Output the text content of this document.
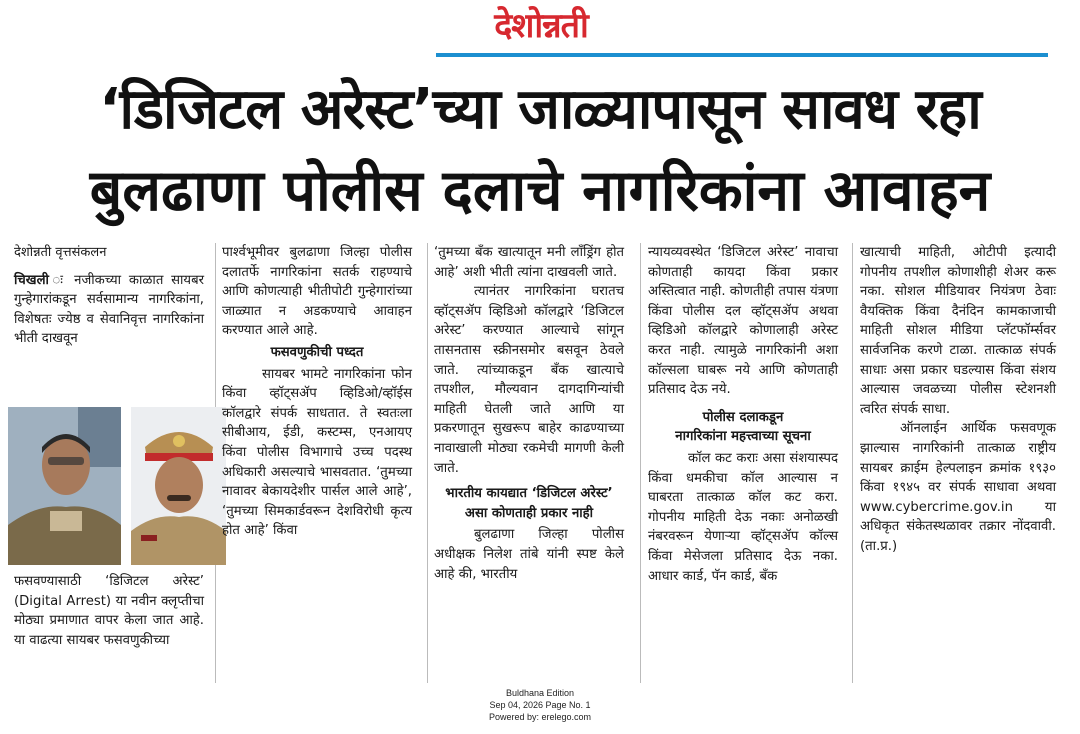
देशोन्नती
‘डिजिटल अरेस्ट’च्या जाळ्यापासून सावध रहा
बुलढाणा पोलीस दलाचे नागरिकांना आवाहन

देशोन्नती वृत्तसंकलन

चिखली ः नजीकच्या काळात सायबर गुन्हेगारांकडून सर्वसामान्य नागरिकांना, विशेषतः ज्येष्ठ व सेवानिवृत्त नागरिकांना भीती दाखवून

फसवण्यासाठी ‘डिजिटल अरेस्ट’ (Digital Arrest) या नवीन क्लृप्तीचा मोठ्या प्रमाणात वापर केला जात आहे. या वाढत्या सायबर फसवणुकीच्या

पार्श्वभूमीवर बुलढाणा जिल्हा पोलीस दलातर्फे नागरिकांना सतर्क राहण्याचे आणि कोणत्याही भीतीपोटी गुन्हेगारांच्या जाळ्यात न अडकण्याचे आवाहन करण्यात आले आहे.

फसवणुकीची पध्दत

सायबर भामटे नागरिकांना फोन किंवा व्हॉट्सॲप व्हिडिओ/व्हॉईस कॉलद्वारे संपर्क साधतात. ते स्वतःला सीबीआय, ईडी, कस्टम्स, एनआयए किंवा पोलीस विभागाचे उच्च पदस्थ अधिकारी असल्याचे भासवतात. ‘तुमच्या नावावर बेकायदेशीर पार्सल आले आहे’, ‘तुमच्या सिमकार्डवरून देशविरोधी कृत्य होत आहे’ किंवा

‘तुमच्या बँक खात्यातून मनी लाँड्रिंग होत आहे’ अशी भीती त्यांना दाखवली जाते.

त्यानंतर नागरिकांना घरातच व्हॉट्सॲप व्हिडिओ कॉलद्वारे ‘डिजिटल अरेस्ट’ करण्यात आल्याचे सांगून तासनतास स्क्रीनसमोर बसवून ठेवले जाते. त्यांच्याकडून बँक खात्याचे तपशील, मौल्यवान दागदागिन्यांची माहिती घेतली जाते आणि या प्रकरणातून सुखरूप बाहेर काढण्याच्या नावाखाली मोठ्या रकमेची मागणी केली जाते.

भारतीय कायद्यात ‘डिजिटल अरेस्ट’

असा कोणताही प्रकार नाही

बुलढाणा जिल्हा पोलीस अधीक्षक निलेश तांबे यांनी स्पष्ट केले आहे की, भारतीय

न्यायव्यवस्थेत ‘डिजिटल अरेस्ट’ नावाचा कोणताही कायदा किंवा प्रकार अस्तित्वात नाही. कोणतीही तपास यंत्रणा किंवा पोलीस दल व्हॉट्सॲप अथवा व्हिडिओ कॉलद्वारे कोणालाही अरेस्ट करत नाही. त्यामुळे नागरिकांनी अशा कॉल्सला घाबरू नये आणि कोणताही प्रतिसाद देऊ नये.

पोलीस दलाकडून

नागरिकांना महत्त्वाच्या सूचना

कॉल कट कराः असा संशयास्पद किंवा धमकीचा कॉल आल्यास न घाबरता तात्काळ कॉल कट करा. गोपनीय माहिती देऊ नकाः अनोळखी नंबरवरून येणाऱ्या व्हॉट्सॲप कॉल्स किंवा मेसेजला प्रतिसाद देऊ नका. आधार कार्ड, पॅन कार्ड, बँक

खात्याची माहिती, ओटीपी इत्यादी गोपनीय तपशील कोणाशीही शेअर करू नका. सोशल मीडियावर नियंत्रण ठेवाः वैयक्तिक किंवा दैनंदिन कामकाजाची माहिती सोशल मीडिया प्लॅटफॉर्म्सवर सार्वजनिक करणे टाळा. तात्काळ संपर्क साधाः असा प्रकार घडल्यास किंवा संशय आल्यास जवळच्या पोलीस स्टेशनशी त्वरित संपर्क साधा.

ऑनलाईन आर्थिक फसवणूक झाल्यास नागरिकांनी तात्काळ राष्ट्रीय सायबर क्राईम हेल्पलाइन क्रमांक १९३० किंवा १९४५ वर संपर्क साधावा अथवा www.cybercrime.gov.in या अधिकृत संकेतस्थळावर तक्रार नोंदवावी. (ता.प्र.)

Buldhana Edition
Sep 04, 2026 Page No. 1
Powered by: erelego.com
